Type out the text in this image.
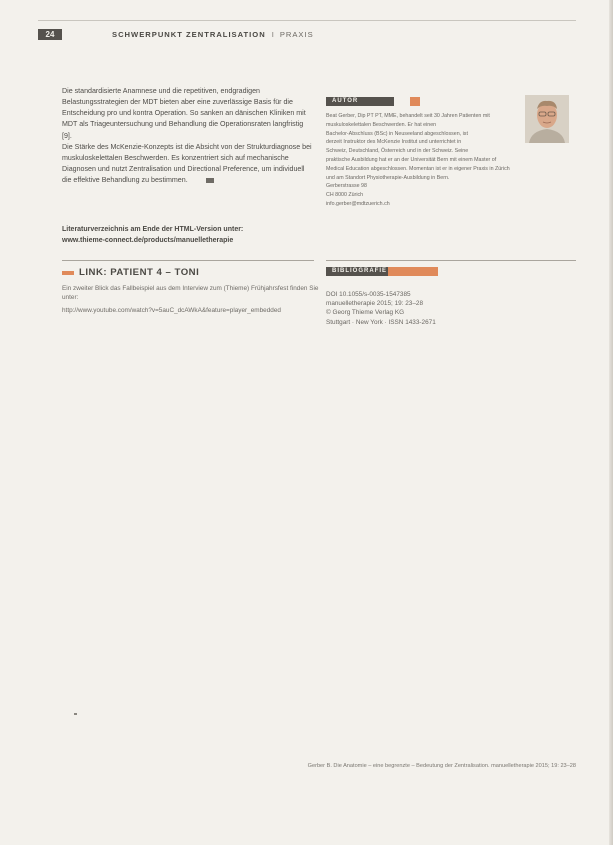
24	SCHWERPUNKT ZENTRALISATION I PRAXIS

Die standardisierte Anamnese und die repetitiven, endgradigen Belastungsstrategien der MDT bieten aber eine zuverlässige Basis für die Entscheidung pro und kontra Operation. So sanken an dänischen Kliniken mit MDT als Triageuntersuchung und Behandlung die Operationsraten langfristig [9].

Die Stärke des McKenzie-Konzepts ist die Absicht von der Strukturdiagnose bei muskuloskelettalen Beschwerden. Es konzentriert sich auf mechanische Diagnosen und nutzt Zentralisation und Directional Preference, um individuell die effektive Behandlung zu bestimmen.

Literaturverzeichnis am Ende der HTML-Version unter:
www.thieme-connect.de/products/manuelletherapie
AUTOR
Beat Gerber, Dip PT PT, MME, behandelt seit 30 Jahren Patienten mit muskuloskelettalen Beschwerden. Er hat einen
Bachelor-Abschluss (BSc) in Neuseeland abgeschlossen, ist
derzeit Instruktor des McKenzie Institut und unterrichtet in
Schweiz, Deutschland, Österreich und in der Schweiz. Seine
praktische Ausbildung hat er an der Universität Bern mit einem Master of
Medical Education abgeschlossen. Momentan ist er in eigener Praxis in Zürich
und am Standort Physiotherapie-Ausbildung in Bern.
Gerberstrasse 98
CH 8000 Zürich
info.gerber@mdtzuerich.ch
LINK: PATIENT 4 – TONI
Ein zweiter Blick das Fallbeispiel aus dem Interview zum (Thieme) Frühjahrsfest finden Sie unter:
http://www.youtube.com/watch?v=5auC_dcAWkA&feature=player_embedded
BIBLIOGRAFIE
DOI 10.1055/s-0035-1547385
manuelletherapie 2015; 19: 23–28
© Georg Thieme Verlag KG
Stuttgart · New York · ISSN 1433-2671
Gerber B. Die Anatomie – eine begrenzte – Bedeutung der Zentralisation. manuelletherapie 2015; 19: 23–28
